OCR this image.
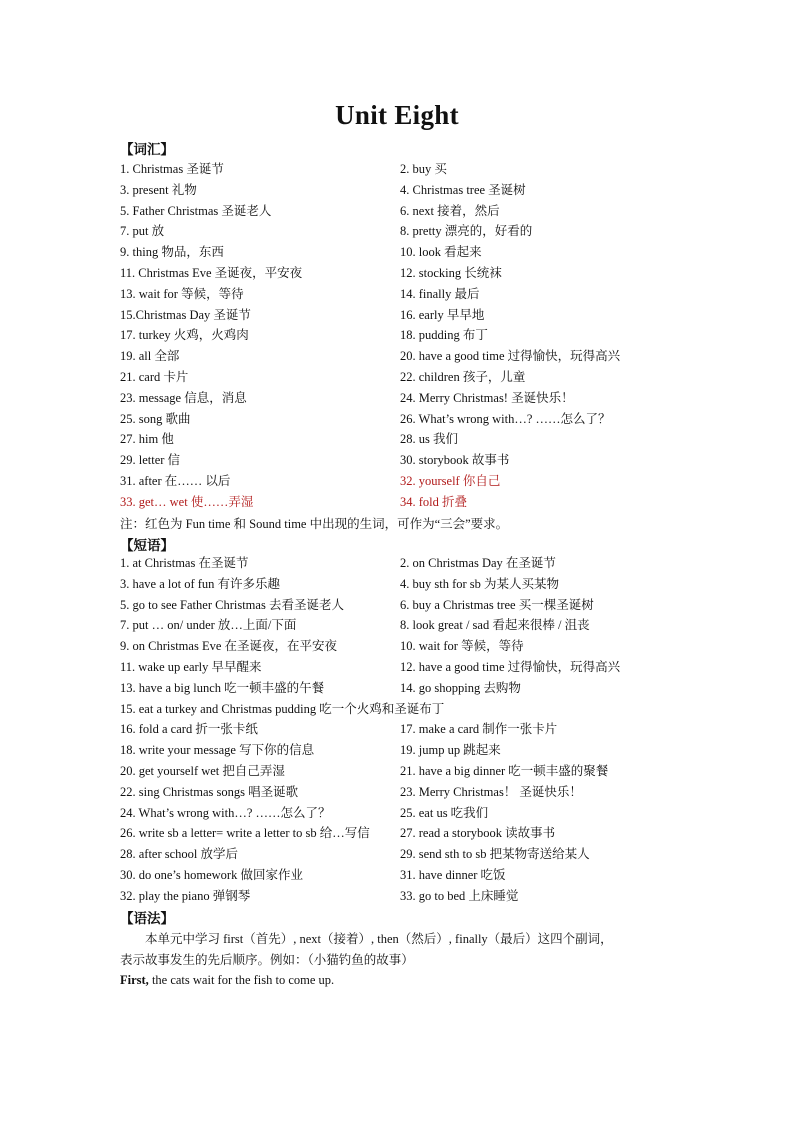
Unit Eight
【词汇】
1. Christmas 圣诞节	2. buy 买
3. present 礼物	4. Christmas tree 圣诞树
5. Father Christmas 圣诞老人	6. next 接着，然后
7. put 放	8. pretty 漂亮的，好看的
9. thing 物品，东西	10. look 看起来
11. Christmas Eve 圣诞夜，平安夜	12. stocking 长统袜
13. wait for 等候，等待	14. finally 最后
15.Christmas Day 圣诞节	16. early 早早地
17. turkey 火鸡，火鸡肉	18. pudding 布丁
19. all 全部	20. have a good time 过得愉快，玩得高兴
21. card 卡片	22. children 孩子，儿童
23. message 信息，消息	24. Merry Christmas! 圣诞快乐！
25. song 歌曲	26. What’s wrong with…? ……怎么了？
27. him 他	28. us 我们
29. letter 信	30. storybook 故事书
31. after 在…… 以后	32. yourself 你自己
33. get… wet 使……弄湿	34. fold 折叠
注：红色为 Fun time 和 Sound time 中出现的生词，可作为“三会”要求。
【短语】
1. at Christmas 在圣诞节	2. on Christmas Day 在圣诞节
3. have a lot of fun 有许多乐趣	4. buy sth for sb 为某人买某物
5. go to see Father Christmas 去看圣诞老人	6. buy a Christmas tree 买一棵圣诞树
7. put … on/ under 放…上面/下面	8. look great / sad 看起来很棒 / 沮丧
9. on Christmas Eve 在圣诞夜，在平安夜	10. wait for 等候，等待
11. wake up early 早早醒来	12. have a good time 过得愉快，玩得高兴
13. have a big lunch 吃一顿丰盛的午餐	14. go shopping 去购物
15. eat a turkey and Christmas pudding 吃一个火鸡和圣诞布丁
16. fold a card 折一张卡纸	17. make a card 制作一张卡片
18. write your message 写下你的信息	19. jump up 跳起来
20. get yourself wet 把自己弄湿	21. have a big dinner 吃一顿丰盛的聚餐
22. sing Christmas songs 唱圣诞歌	23. Merry Christmas！ 圣诞快乐！
24. What’s wrong with…? ……怎么了？	25. eat us 吃我们
26. write sb a letter= write a letter to sb 给…写信 27. read a storybook 读故事书
28. after school 放学后	29. send sth to sb 把某物寄送给某人
30. do one’s homework 做回家作业	31. have dinner 吃饭
32. play the piano 弹钢琴	33. go to bed 上床睡觉
【语法】
本单元中学习 first（首先）, next（接着）, then（然后）, finally（最后）这四个副词，
表示故事发生的先后顺序。例如：（小猫钓鱼的故事）
First, the cats wait for the fish to come up.
